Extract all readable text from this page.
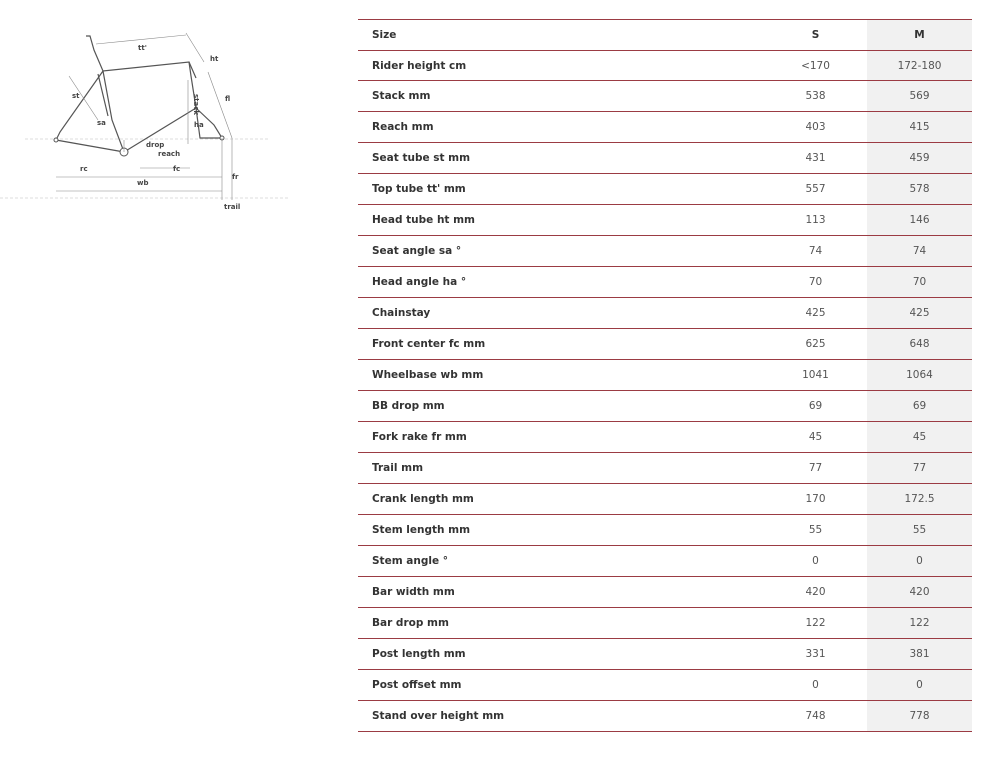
tt'
ht
st	fl
stack
sa	ha
drop
reach
rc	fc
fr
wb
trail
Size	S	M
Rider height cm	<170	172-180
Stack mm	538	569
Reach mm	403	415
Seat tube st mm	431	459
Top tube tt' mm	557	578
Head tube ht mm	113	146
Seat angle sa °	74	74
Head angle ha °	70	70
Chainstay	425	425
Front center fc mm	625	648
Wheelbase wb mm	1041	1064
BB drop mm	69	69
Fork rake fr mm	45	45
Trail mm	77	77
Crank length mm	170	172.5
Stem length mm	55	55
Stem angle °	0	0
Bar width mm	420	420
Bar drop mm	122	122
Post length mm	331	381
Post offset mm	0	0
Stand over height mm	748	778
